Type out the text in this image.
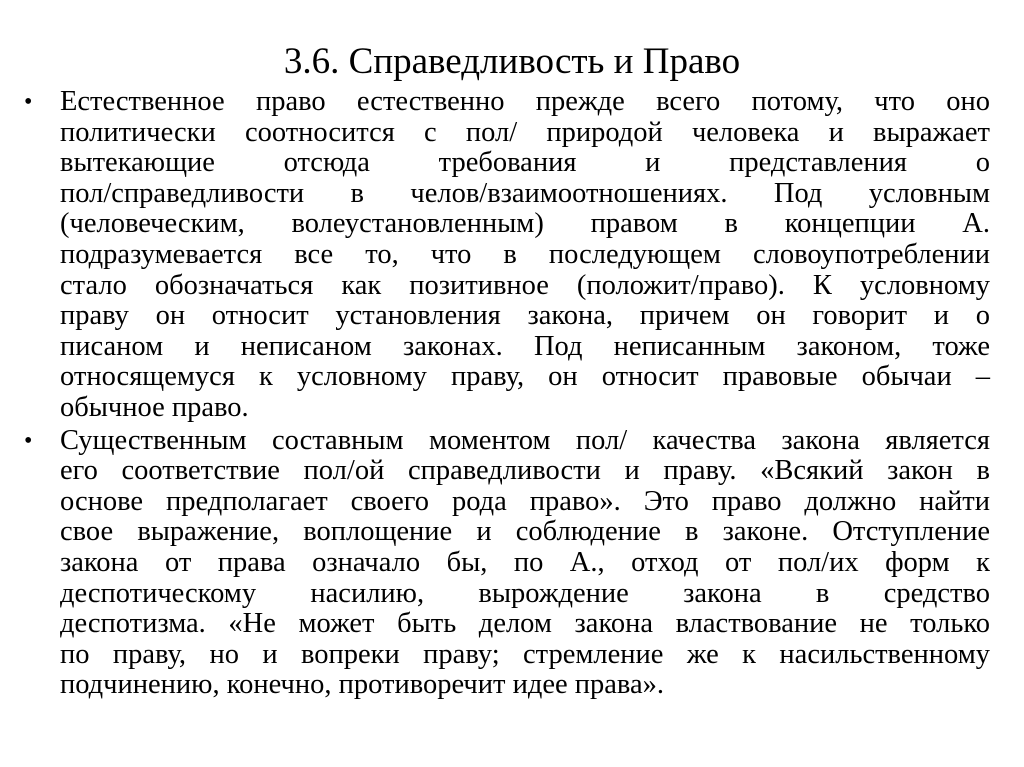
3.6. Справедливость и Право
• Естественное право естественно прежде всего потому, что оно
политически соотносится с пол/ природой человека и выражает
вытекающие отсюда требования и представления о
пол/справедливости в челов/взаимоотношениях. Под условным
(человеческим, волеустановленным) правом в концепции А.
подразумевается все то, что в последующем словоупотреблении
стало обозначаться как позитивное (положит/право). К условному
праву он относит установления закона, причем он говорит и о
писаном и неписаном законах. Под неписанным законом, тоже
относящемуся к условному праву, он относит правовые обычаи –
обычное право.
• Существенным составным моментом пол/ качества закона является
его соответствие пол/ой справедливости и праву. «Всякий закон в
основе предполагает своего рода право». Это право должно найти
свое выражение, воплощение и соблюдение в законе. Отступление
закона от права означало бы, по А., отход от пол/их форм к
деспотическому насилию, вырождение закона в средство
деспотизма. «Не может быть делом закона властвование не только
по праву, но и вопреки праву; стремление же к насильственному
подчинению, конечно, противоречит идее права».
